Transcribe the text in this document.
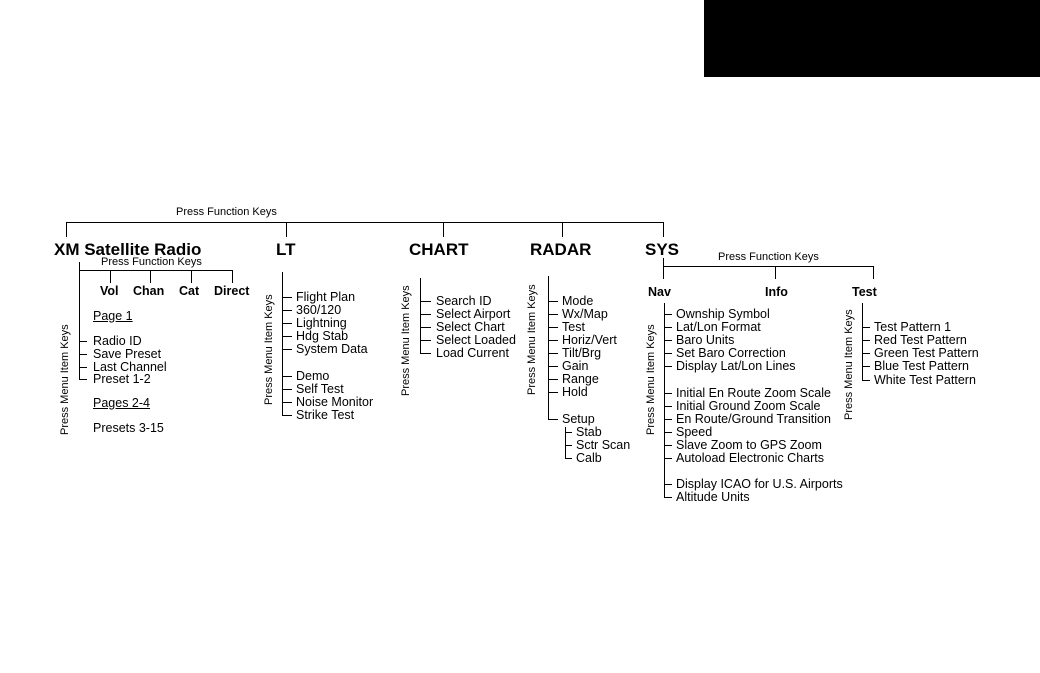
Press Function Keys
XM Satellite Radio	LT	CHART	RADAR	SYS
Press Function Keys
Vol Chan Cat Direct
Press Menu Item Keys
Page 1
Radio ID
Save Preset
Last Channel
Preset 1-2
Pages 2-4
Presets 3-15
Press Menu Item Keys Flight Plan
360/120
Lightning
Hdg Stab
System Data
Demo
Self Test
Noise Monitor
Strike Test
Press Menu Item Keys Search ID
Select Airport
Select Chart
Select Loaded
Load Current Press Menu Item Keys Mode
Wx/Map
Test
Horiz/Vert
Tilt/Brg
Gain
Range
Hold
Setup
Stab
Sctr Scan
Calb
Press Function Keys
Nav	Info	Test
Press Menu Item Keys
Ownship Symbol
Lat/Lon Format
Baro Units
Set Baro Correction
Display Lat/Lon Lines
Initial En Route Zoom Scale
Initial Ground Zoom Scale
En Route/Ground Transition
Speed
Slave Zoom to GPS Zoom
Autoload Electronic Charts
Display ICAO for U.S. Airports
Altitude Units
Press Menu Item Keys Test Pattern 1
Red Test Pattern
Green Test Pattern
Blue Test Pattern
White Test Pattern
